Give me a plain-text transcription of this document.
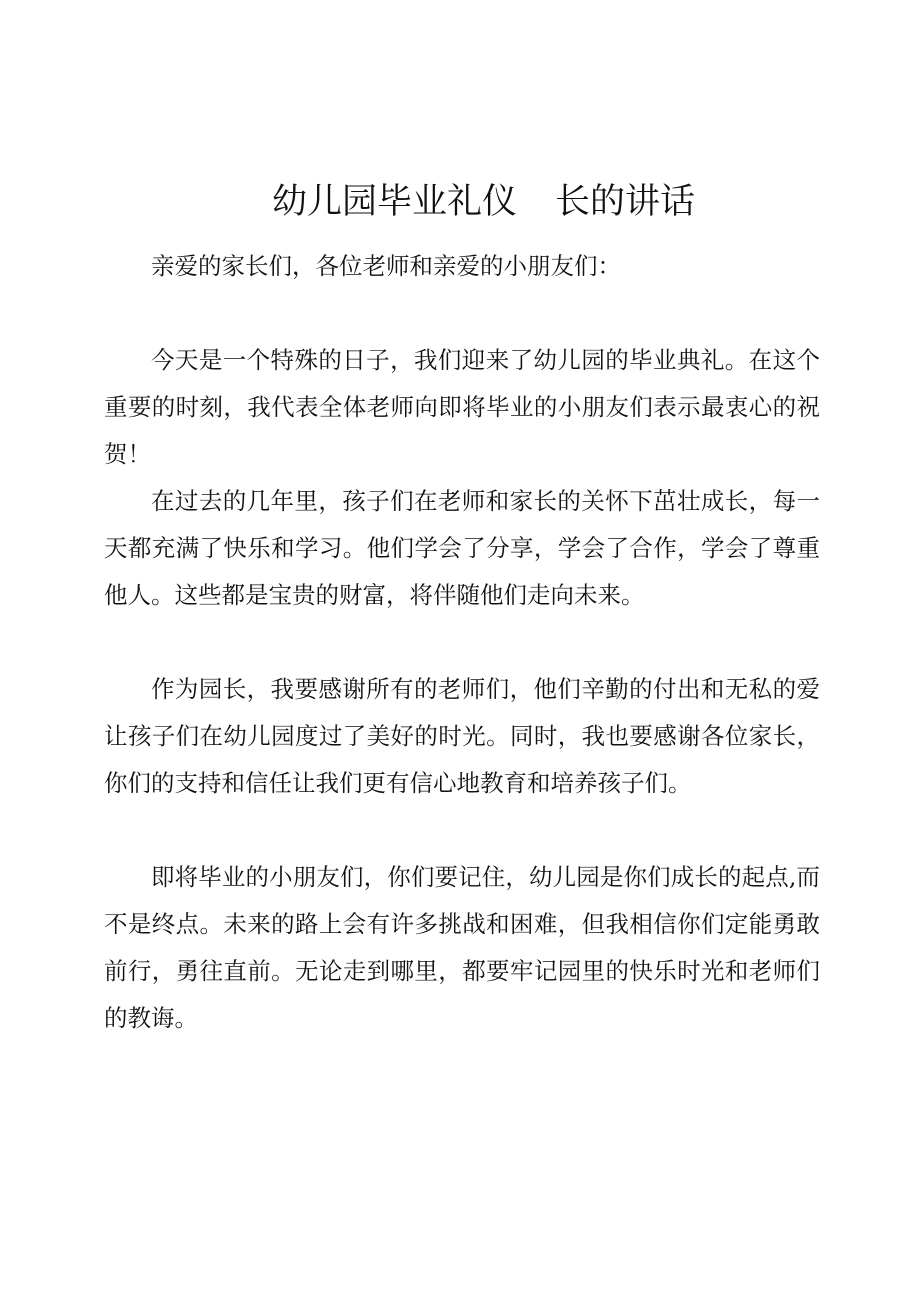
幼儿园毕业礼仪 长的讲话

亲爱的家长们，各位老师和亲爱的小朋友们：

今天是一个特殊的日子，我们迎来了幼儿园的毕业典礼。在这个重要的时刻，我代表全体老师向即将毕业的小朋友们表示最衷心的祝贺！

在过去的几年里，孩子们在老师和家长的关怀下茁壮成长，每一天都充满了快乐和学习。他们学会了分享，学会了合作，学会了尊重他人。这些都是宝贵的财富，将伴随他们走向未来。

作为园长，我要感谢所有的老师们，他们辛勤的付出和无私的爱让孩子们在幼儿园度过了美好的时光。同时，我也要感谢各位家长，你们的支持和信任让我们更有信心地教育和培养孩子们。

即将毕业的小朋友们，你们要记住，幼儿园是你们成长的起点,而不是终点。未来的路上会有许多挑战和困难，但我相信你们定能勇敢前行，勇往直前。无论走到哪里，都要牢记园里的快乐时光和老师们的教诲。
